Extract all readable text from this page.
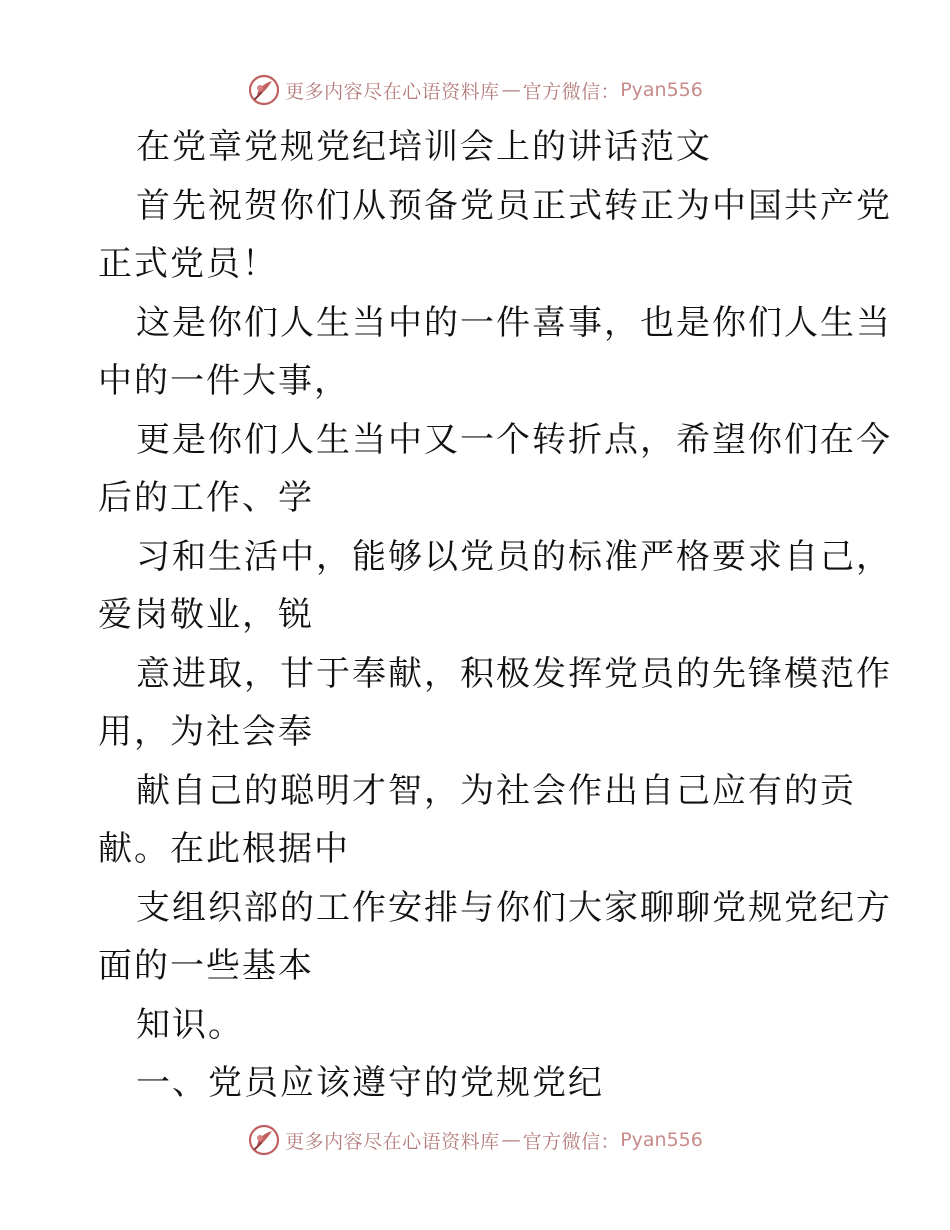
更多内容尽在心语资料库 — 官方微信： Pyan556
在党章党规党纪培训会上的讲话范文
首先祝贺你们从预备党员正式转正为中国共产党
正式党员！
这是你们人生当中的一件喜事，也是你们人生当
中的一件大事，
更是你们人生当中又一个转折点，希望你们在今
后的工作、学
习和生活中，能够以党员的标准严格要求自己，
爱岗敬业，锐
意进取，甘于奉献，积极发挥党员的先锋模范作
用，为社会奉
献自己的聪明才智，为社会作出自己应有的贡
献。在此根据中
支组织部的工作安排与你们大家聊聊党规党纪方
面的一些基本
知识。
一、党员应该遵守的党规党纪
更多内容尽在心语资料库 — 官方微信： Pyan556
